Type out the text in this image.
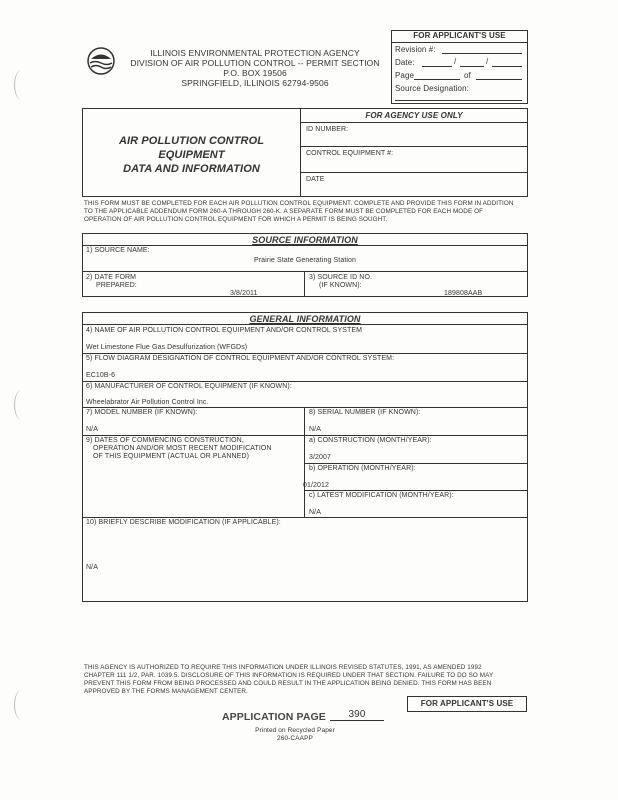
ILLINOIS ENVIRONMENTAL PROTECTION AGENCY
DIVISION OF AIR POLLUTION CONTROL -- PERMIT SECTION
P.O. BOX 19506
SPRINGFIELD, ILLINOIS 62794-9506
FOR APPLICANT'S USE
Revision #:
Date:	/	/
Page	of
Source Designation:
AIR POLLUTION CONTROL
EQUIPMENT
DATA AND INFORMATION
FOR AGENCY USE ONLY
ID NUMBER:
CONTROL EQUIPMENT #:
DATE
THIS FORM MUST BE COMPLETED FOR EACH AIR POLLUTION CONTROL EQUIPMENT. COMPLETE AND PROVIDE THIS FORM IN ADDITION
TO THE APPLICABLE ADDENDUM FORM 260-A THROUGH 260-K. A SEPARATE FORM MUST BE COMPLETED FOR EACH MODE OF
OPERATION OF AIR POLLUTION CONTROL EQUIPMENT FOR WHICH A PERMIT IS BEING SOUGHT.
SOURCE INFORMATION
1) SOURCE NAME:
Prairie State Generating Station
2) DATE FORM
PREPARED:
3/8/2011
3) SOURCE ID NO.
(IF KNOWN):
189808AAB
GENERAL INFORMATION
4) NAME OF AIR POLLUTION CONTROL EQUIPMENT AND/OR CONTROL SYSTEM
Wet Limestone Flue Gas Desulfurization (WFGDs)
5) FLOW DIAGRAM DESIGNATION OF CONTROL EQUIPMENT AND/OR CONTROL SYSTEM:
EC10B-6
6) MANUFACTURER OF CONTROL EQUIPMENT (IF KNOWN):
Wheelabrator Air Pollution Control Inc.
7) MODEL NUMBER (IF KNOWN):
N/A
8) SERIAL NUMBER (IF KNOWN):
N/A
9) DATES OF COMMENCING CONSTRUCTION,
OPERATION AND/OR MOST RECENT MODIFICATION
OF THIS EQUIPMENT (ACTUAL OR PLANNED)
a) CONSTRUCTION (MONTH/YEAR):
3/2007
b) OPERATION (MONTH/YEAR):
01/2012
c) LATEST MODIFICATION (MONTH/YEAR):
N/A
10) BRIEFLY DESCRIBE MODIFICATION (IF APPLICABLE):
N/A
THIS AGENCY IS AUTHORIZED TO REQUIRE THIS INFORMATION UNDER ILLINOIS REVISED STATUTES, 1991, AS AMENDED 1992
CHAPTER 111 1/2, PAR. 1039.5. DISCLOSURE OF THIS INFORMATION IS REQUIRED UNDER THAT SECTION. FAILURE TO DO SO MAY
PREVENT THIS FORM FROM BEING PROCESSED AND COULD RESULT IN THE APPLICATION BEING DENIED. THIS FORM HAS BEEN
APPROVED BY THE FORMS MANAGEMENT CENTER.
FOR APPLICANT'S USE
APPLICATION PAGE	390
Printed on Recycled Paper
260-CAAPP
